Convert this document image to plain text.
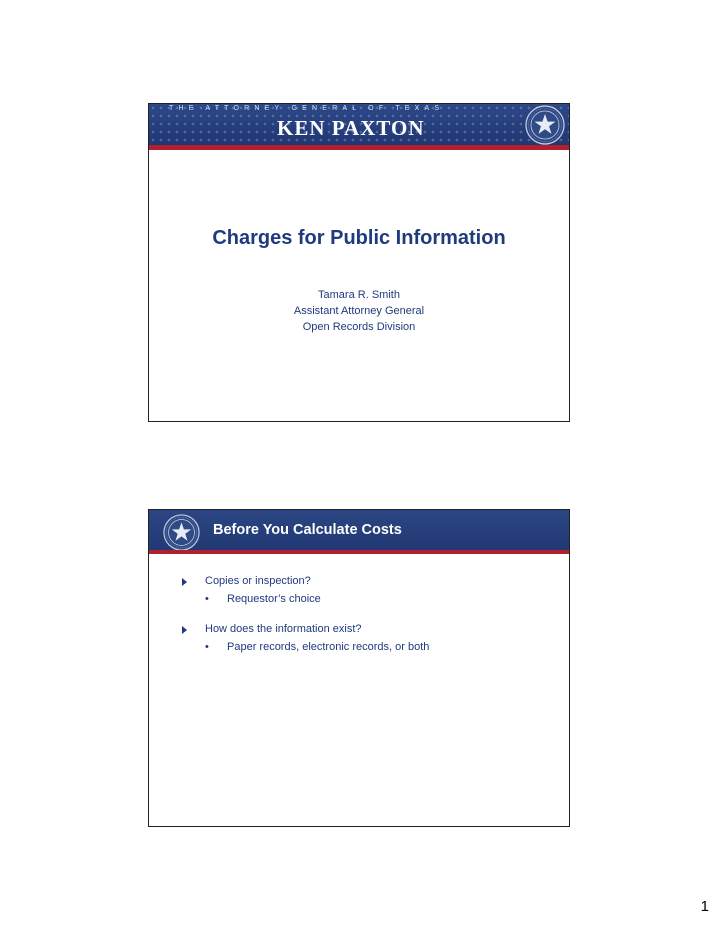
THE ATTORNEY GENERAL OF TEXAS
KEN PAXTON
Charges for Public Information
Tamara R. Smith
Assistant Attorney General
Open Records Division
Before You Calculate Costs
Copies or inspection?
• Requestor’s choice
How does the information exist?
• Paper records, electronic records, or both
1
